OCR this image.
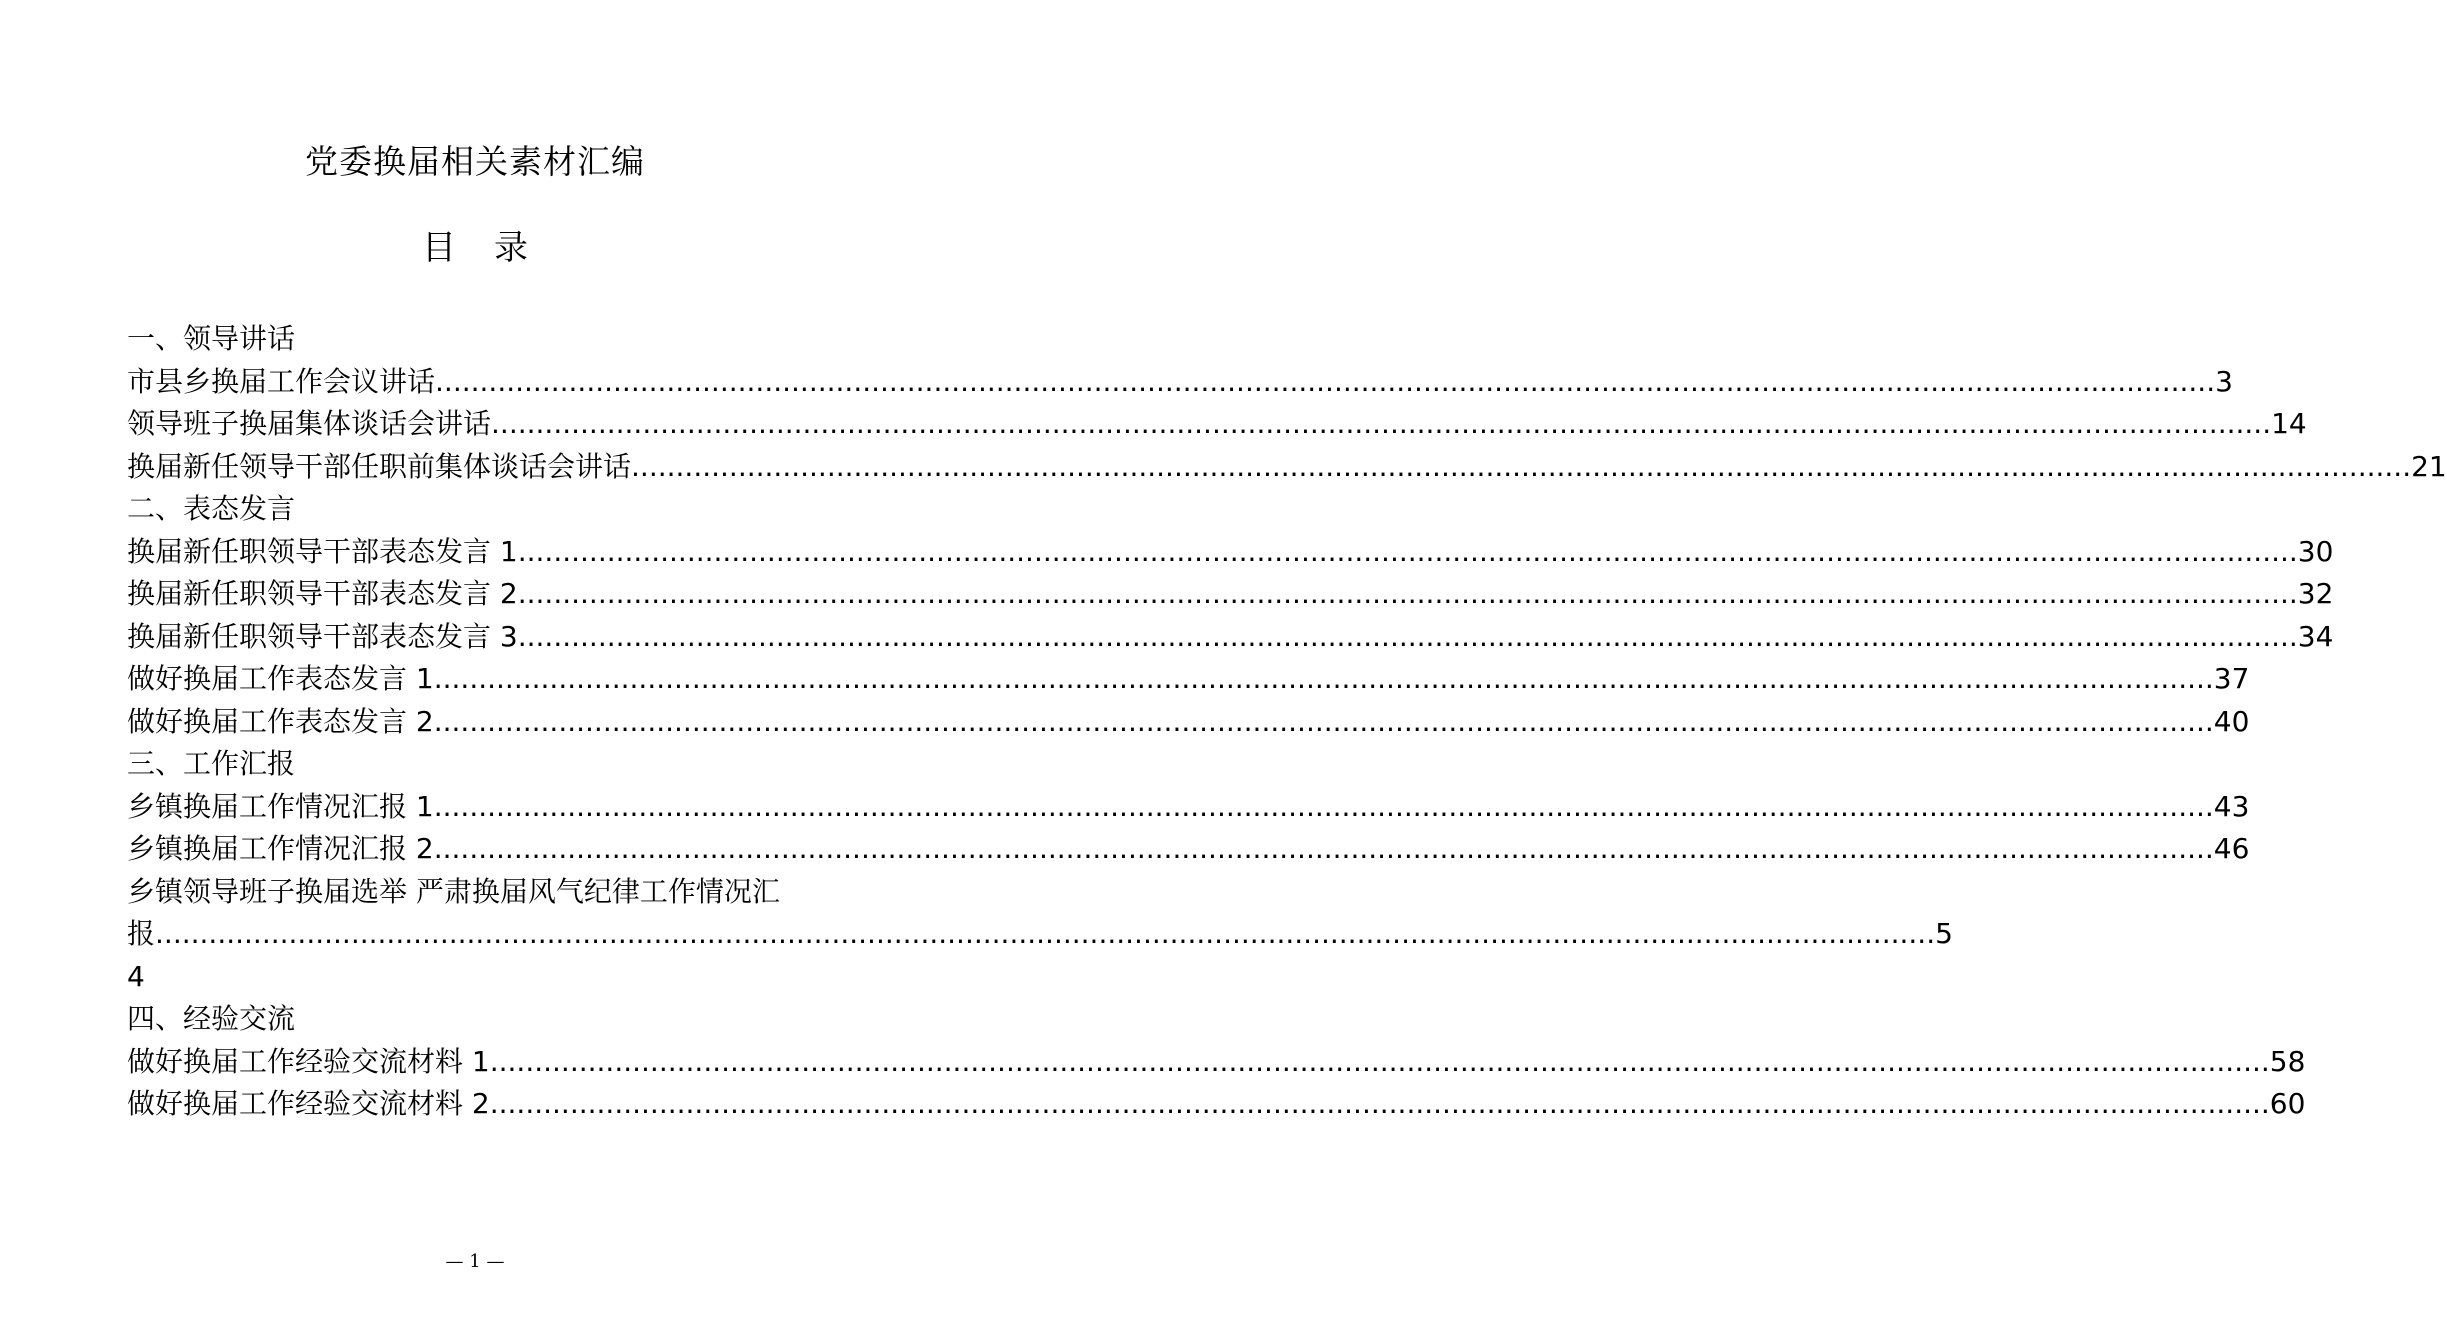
党委换届相关素材汇编
目 录
一、领导讲话
市县乡换届工作会议讲话 ........................................................................................................................................................................................................ 3
领导班子换届集体谈话会讲话 ........................................................................................................................................................................................................ 14
换届新任领导干部任职前集体谈话会讲话 ........................................................................................................................................................................................................ 21
二、表态发言
换届新任职领导干部表态发言 1 ........................................................................................................................................................................................................ 30
换届新任职领导干部表态发言 2 ........................................................................................................................................................................................................ 32
换届新任职领导干部表态发言 3 ........................................................................................................................................................................................................ 34
做好换届工作表态发言 1 ........................................................................................................................................................................................................ 37
做好换届工作表态发言 2 ........................................................................................................................................................................................................ 40
三、工作汇报
乡镇换届工作情况汇报 1 ........................................................................................................................................................................................................ 43
乡镇换届工作情况汇报 2 ........................................................................................................................................................................................................ 46
乡镇领导班子换届选举 严肃换届风气纪律工作情况汇
报 ........................................................................................................................................................................................................ 5
4
四、经验交流
做好换届工作经验交流材料 1 ........................................................................................................................................................................................................ 58
做好换届工作经验交流材料 2 ........................................................................................................................................................................................................ 60
— 1 —
